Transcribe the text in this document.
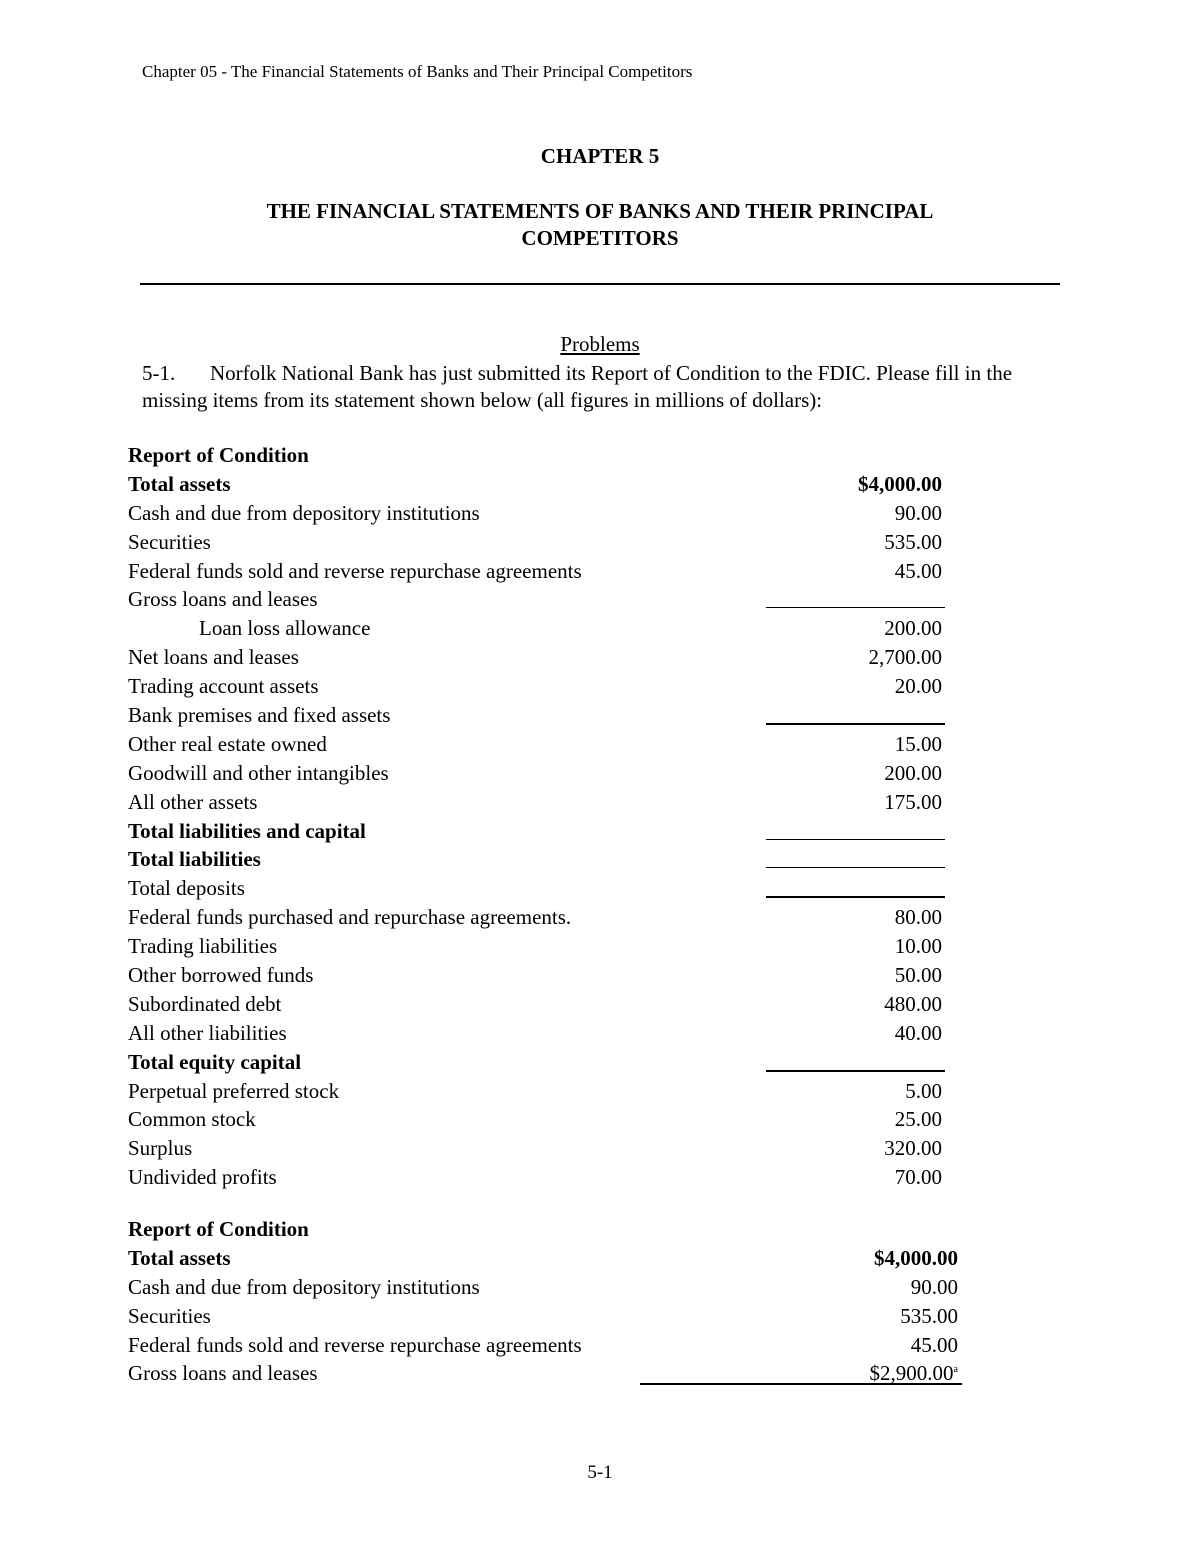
Chapter 05 - The Financial Statements of Banks and Their Principal Competitors
CHAPTER 5
THE FINANCIAL STATEMENTS OF BANKS AND THEIR PRINCIPAL
COMPETITORS
Problems
5-1. Norfolk National Bank has just submitted its Report of Condition to the FDIC. Please fill in the missing items from its statement shown below (all figures in millions of dollars):
Report of Condition
Total assets	$4,000.00
Cash and due from depository institutions	90.00
Securities	535.00
Federal funds sold and reverse repurchase agreements	45.00
Gross loans and leases
Loan loss allowance	200.00
Net loans and leases	2,700.00
Trading account assets	20.00
Bank premises and fixed assets
Other real estate owned	15.00
Goodwill and other intangibles	200.00
All other assets	175.00
Total liabilities and capital
Total liabilities
Total deposits
Federal funds purchased and repurchase agreements.	80.00
Trading liabilities	10.00
Other borrowed funds	50.00
Subordinated debt	480.00
All other liabilities	40.00
Total equity capital
Perpetual preferred stock	5.00
Common stock	25.00
Surplus	320.00
Undivided profits	70.00
Report of Condition
Total assets	$4,000.00
Cash and due from depository institutions	90.00
Securities	535.00
Federal funds sold and reverse repurchase agreements	45.00
Gross loans and leases	$2,900.00$^a$
5-1
